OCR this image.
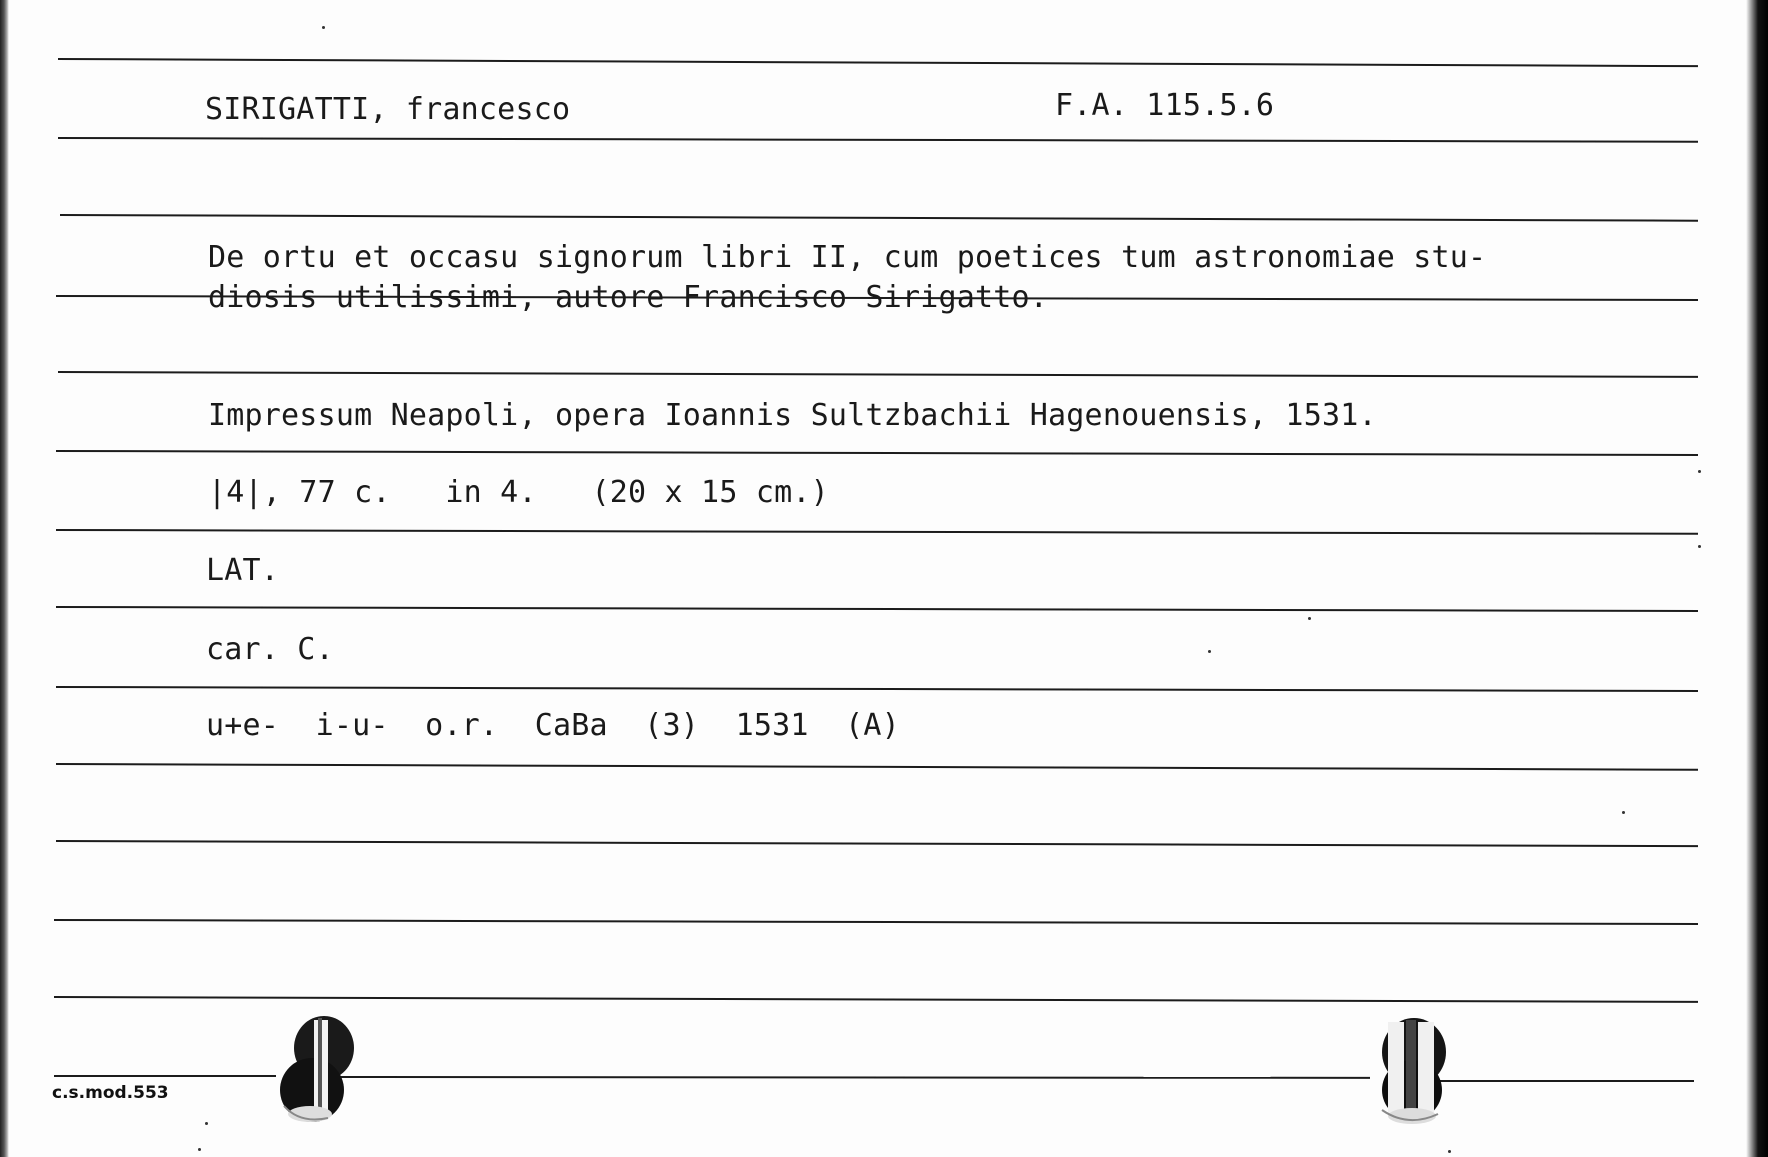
SIRIGATTI, francesco	F.A. 115.5.6
De ortu et occasu signorum libri II, cum poetices tum astronomiae stu-
diosis utilissimi, autore Francisco Sirigatto.
Impressum Neapoli, opera Ioannis Sultzbachii Hagenouensis, 1531.
|4|, 77 c.   in 4.   (20 x 15 cm.)
LAT.
car. C.
u+e-  i-u-  o.r.  CaBa  (3)  1531  (A)
c.s.mod.553
